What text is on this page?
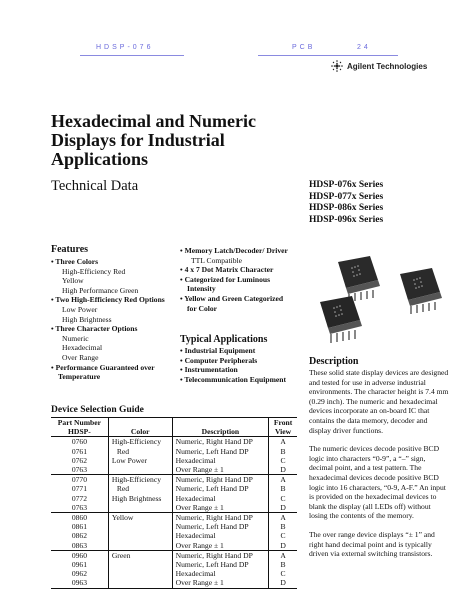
HDSP-076	PCB	24
Agilent Technologies
Hexadecimal and Numeric
Displays for Industrial
Applications
Technical Data	HDSP-076x Series
HDSP-077x Series
HDSP-086x Series
HDSP-096x Series
Features
• Three Colors
High-Efficiency Red
Yellow
High Performance Green
• Two High-Efficiency Red Options
Low Power
High Brightness
• Three Character Options
Numeric
Hexadecimal
Over Range
• Performance Guaranteed over Temperature
• Memory Latch/Decoder/ Driver
TTL Compatible
• 4 x 7 Dot Matrix Character
• Categorized for Luminous Intensity
• Yellow and Green Categorized for Color
Typical Applications
• Industrial Equipment
• Computer Peripherals
• Instrumentation
• Telecommunication Equipment
Device Selection Guide
Part Number HDSP-	Color	Description	Front View
0760	High-Efficiency	Numeric, Right Hand DP	A
0761	Red	Numeric, Left Hand DP	B
0762	Low Power	Hexadecimal	C
0763		Over Range ± 1	D
0770	High-Efficiency	Numeric, Right Hand DP	A
0771	Red	Numeric, Left Hand DP	B
0772	High Brightness	Hexadecimal	C
0763		Over Range ± 1	D
0860	Yellow	Numeric, Right Hand DP	A
0861		Numeric, Left Hand DP	B
0862		Hexadecimal	C
0863		Over Range ± 1	D
0960	Green	Numeric, Right Hand DP	A
0961		Numeric, Left Hand DP	B
0962		Hexadecimal	C
0963		Over Range ± 1	D
Description

These solid state display devices are designed and tested for use in adverse industrial environments. The character height is 7.4 mm (0.29 inch). The numeric and hexadecimal devices incorporate an on-board IC that contains the data memory, decoder and display driver functions.

The numeric devices decode positive BCD logic into characters “0-9”, a “–” sign, decimal point, and a test pattern. The hexadecimal devices decode positive BCD logic into 16 characters, “0-9, A-F.” An input is provided on the hexadecimal devices to blank the display (all LEDs off) without losing the contents of the memory.

The over range device displays “± 1” and right hand decimal point and is typically driven via external switching transistors.
